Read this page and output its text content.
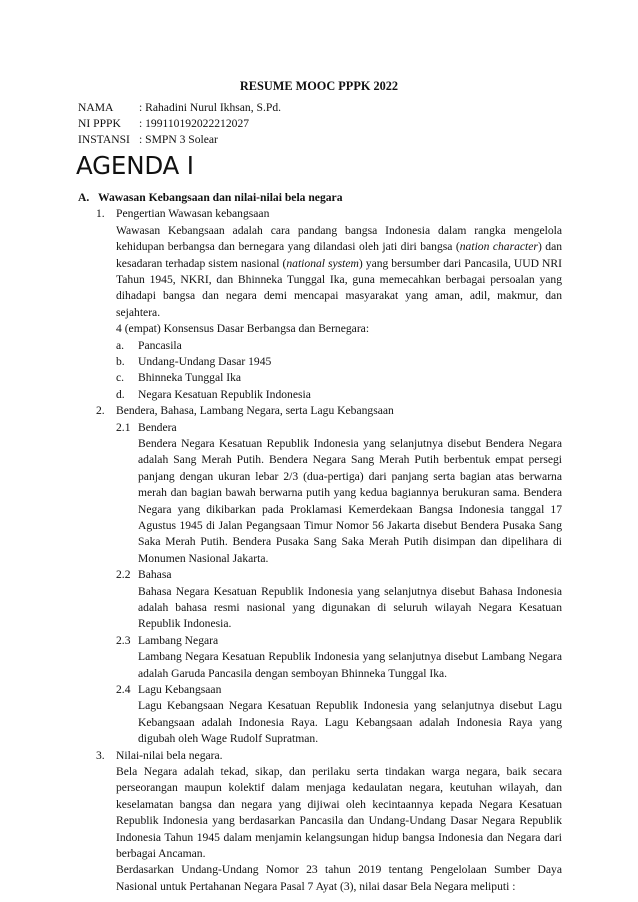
RESUME MOOC PPPK 2022
NAMA : Rahadini Nurul Ikhsan, S.Pd.
NI PPPK : 199110192022212027
INSTANSI : SMPN 3 Solear
AGENDA I
A. Wawasan Kebangsaan dan nilai-nilai bela negara
1. Pengertian Wawasan kebangsaan
Wawasan Kebangsaan adalah cara pandang bangsa Indonesia dalam rangka mengelola kehidupan berbangsa dan bernegara yang dilandasi oleh jati diri bangsa (nation character) dan kesadaran terhadap sistem nasional (national system) yang bersumber dari Pancasila, UUD NRI Tahun 1945, NKRI, dan Bhinneka Tunggal Ika, guna memecahkan berbagai persoalan yang dihadapi bangsa dan negara demi mencapai masyarakat yang aman, adil, makmur, dan sejahtera.
4 (empat) Konsensus Dasar Berbangsa dan Bernegara:
a. Pancasila
b. Undang-Undang Dasar 1945
c. Bhinneka Tunggal Ika
d. Negara Kesatuan Republik Indonesia
2. Bendera, Bahasa, Lambang Negara, serta Lagu Kebangsaan
2.1 Bendera
Bendera Negara Kesatuan Republik Indonesia yang selanjutnya disebut Bendera Negara adalah Sang Merah Putih. Bendera Negara Sang Merah Putih berbentuk empat persegi panjang dengan ukuran lebar 2/3 (dua-pertiga) dari panjang serta bagian atas berwarna merah dan bagian bawah berwarna putih yang kedua bagiannya berukuran sama. Bendera Negara yang dikibarkan pada Proklamasi Kemerdekaan Bangsa Indonesia tanggal 17 Agustus 1945 di Jalan Pegangsaan Timur Nomor 56 Jakarta disebut Bendera Pusaka Sang Saka Merah Putih. Bendera Pusaka Sang Saka Merah Putih disimpan dan dipelihara di Monumen Nasional Jakarta.
2.2 Bahasa
Bahasa Negara Kesatuan Republik Indonesia yang selanjutnya disebut Bahasa Indonesia adalah bahasa resmi nasional yang digunakan di seluruh wilayah Negara Kesatuan Republik Indonesia.
2.3 Lambang Negara
Lambang Negara Kesatuan Republik Indonesia yang selanjutnya disebut Lambang Negara adalah Garuda Pancasila dengan semboyan Bhinneka Tunggal Ika.
2.4 Lagu Kebangsaan
Lagu Kebangsaan Negara Kesatuan Republik Indonesia yang selanjutnya disebut Lagu Kebangsaan adalah Indonesia Raya. Lagu Kebangsaan adalah Indonesia Raya yang digubah oleh Wage Rudolf Supratman.
3. Nilai-nilai bela negara.
Bela Negara adalah tekad, sikap, dan perilaku serta tindakan warga negara, baik secara perseorangan maupun kolektif dalam menjaga kedaulatan negara, keutuhan wilayah, dan keselamatan bangsa dan negara yang dijiwai oleh kecintaannya kepada Negara Kesatuan Republik Indonesia yang berdasarkan Pancasila dan Undang-Undang Dasar Negara Republik Indonesia Tahun 1945 dalam menjamin kelangsungan hidup bangsa Indonesia dan Negara dari berbagai Ancaman.
Berdasarkan Undang-Undang Nomor 23 tahun 2019 tentang Pengelolaan Sumber Daya Nasional untuk Pertahanan Negara Pasal 7 Ayat (3), nilai dasar Bela Negara meliputi :
